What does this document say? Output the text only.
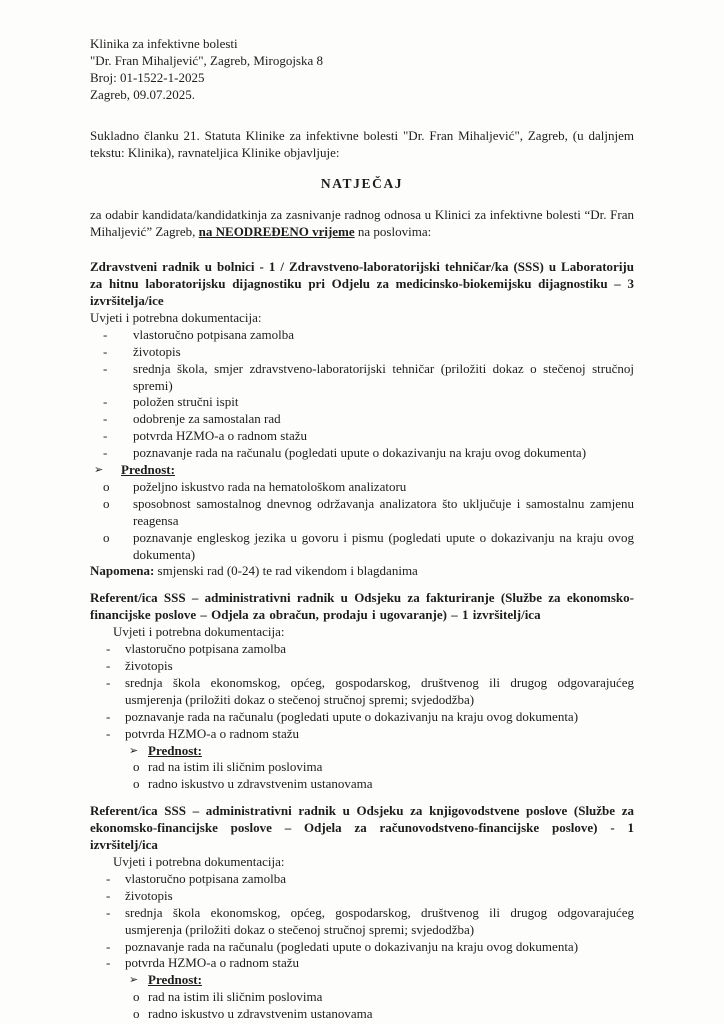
Klinika za infektivne bolesti
"Dr. Fran Mihaljević", Zagreb, Mirogojska 8
Broj: 01-1522-1-2025
Zagreb, 09.07.2025.

Sukladno članku 21. Statuta Klinike za infektivne bolesti "Dr. Fran Mihaljević", Zagreb, (u daljnjem tekstu: Klinika), ravnateljica Klinike objavljuje:

NATJEČAJ

za odabir kandidata/kandidatkinja za zasnivanje radnog odnosa u Klinici za infektivne bolesti “Dr. Fran Mihaljević” Zagreb, na NEODREĐENO vrijeme na poslovima:

Zdravstveni radnik u bolnici - 1 / Zdravstveno-laboratorijski tehničar/ka (SSS) u Laboratoriju za hitnu laboratorijsku dijagnostiku pri Odjelu za medicinsko-biokemijsku dijagnostiku – 3 izvršitelja/ice

Uvjeti i potrebna dokumentacija:

-	vlastoručno potpisana zamolba
-	životopis
-	srednja škola, smjer zdravstveno-laboratorijski tehničar (priložiti dokaz o stečenoj stručnoj spremi)
-	položen stručni ispit
-	odobrenje za samostalan rad
-	potvrda HZMO-a o radnom stažu
-	poznavanje rada na računalu (pogledati upute o dokazivanju na kraju ovog dokumenta)
➢	Prednost:
o	poželjno iskustvo rada na hematološkom analizatoru
o	sposobnost samostalnog dnevnog održavanja analizatora što uključuje i samostalnu zamjenu reagensa
o	poznavanje engleskog jezika u govoru i pismu (pogledati upute o dokazivanju na kraju ovog dokumenta)

Napomena: smjenski rad (0-24) te rad vikendom i blagdanima

Referent/ica SSS – administrativni radnik u Odsjeku za fakturiranje (Službe za ekonomsko-financijske poslove – Odjela za obračun, prodaju i ugovaranje) – 1 izvršitelj/ica

Uvjeti i potrebna dokumentacija:

-	vlastoručno potpisana zamolba
-	životopis
-	srednja škola ekonomskog, općeg, gospodarskog, društvenog ili drugog odgovarajućeg usmjerenja (priložiti dokaz o stečenoj stručnoj spremi; svjedodžba)
-	poznavanje rada na računalu (pogledati upute o dokazivanju na kraju ovog dokumenta)
-	potvrda HZMO-a o radnom stažu
➢ Prednost:
o rad na istim ili sličnim poslovima
o radno iskustvo u zdravstvenim ustanovama
Referent/ica SSS – administrativni radnik u Odsjeku za knjigovodstvene poslove (Službe za ekonomsko-financijske poslove – Odjela za računovodstveno-financijske poslove) - 1 izvršitelj/ica

Uvjeti i potrebna dokumentacija:

-	vlastoručno potpisana zamolba
-	životopis
-	srednja škola ekonomskog, općeg, gospodarskog, društvenog ili drugog odgovarajućeg usmjerenja (priložiti dokaz o stečenoj stručnoj spremi; svjedodžba)
-	poznavanje rada na računalu (pogledati upute o dokazivanju na kraju ovog dokumenta)
-	potvrda HZMO-a o radnom stažu
➢ Prednost:
o rad na istim ili sličnim poslovima
o radno iskustvo u zdravstvenim ustanovama
